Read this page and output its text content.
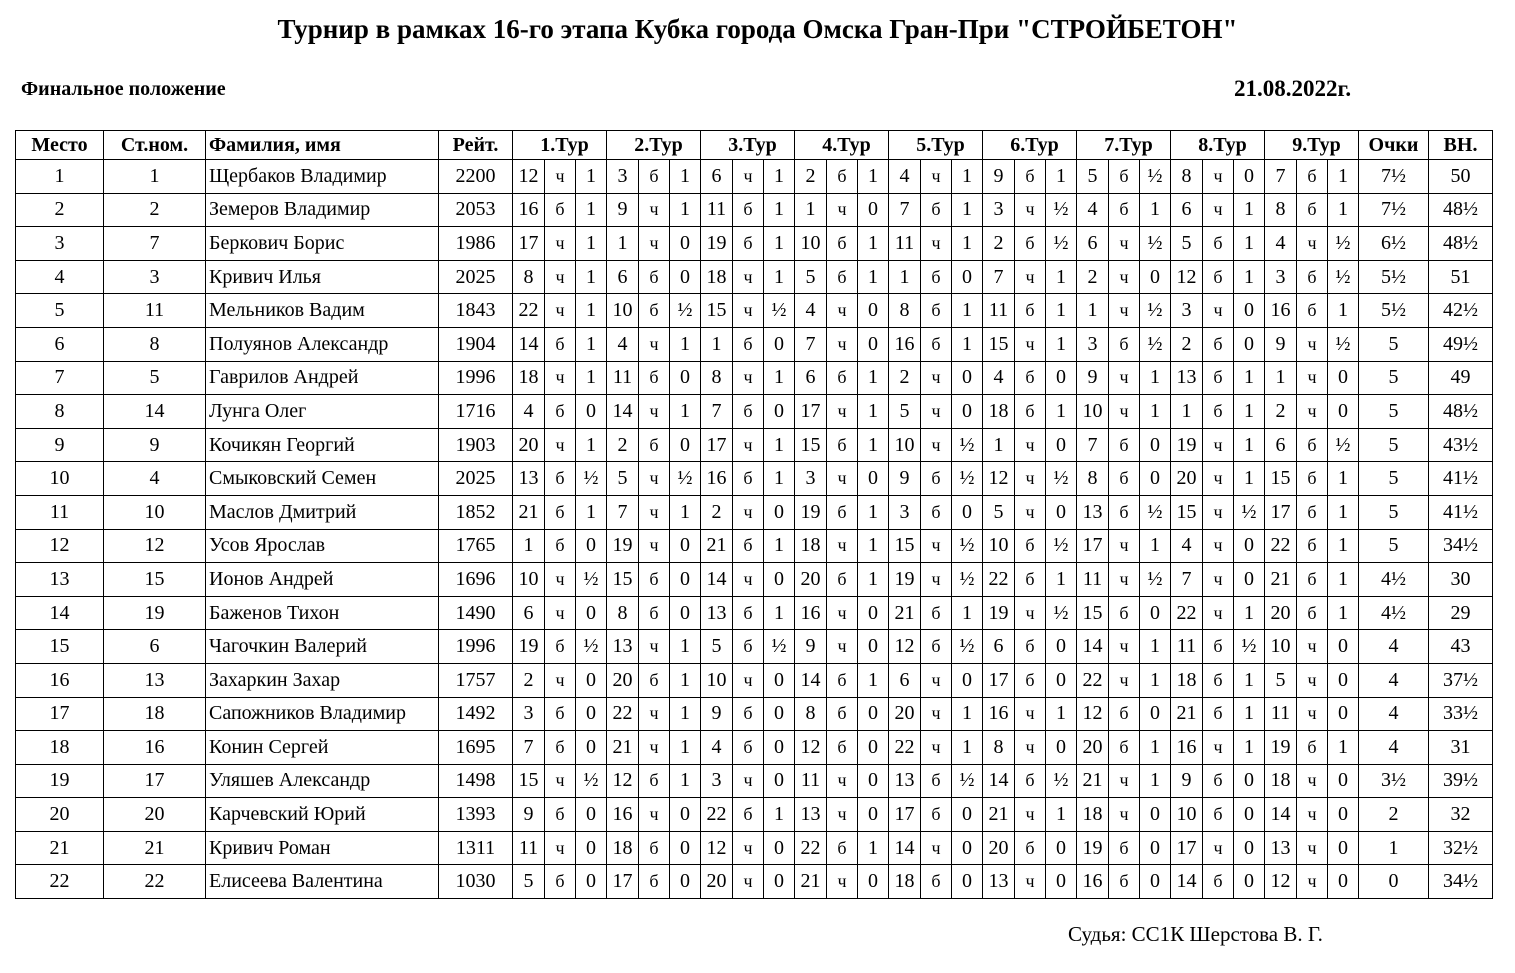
Турнир в рамках 16-го этапа Кубка города Омска Гран-При "СТРОЙБЕТОН"
Финальное положение	21.08.2022г.
Место	Ст.ном.	Фамилия, имя	Рейт.	1.Тур			2.Тур			3.Тур			4.Тур			5.Тур			6.Тур			7.Тур			8.Тур			9.Тур			Очки	ВН.
1	1	Щербаков Владимир	2200	12	ч	1	3	б	1	6	ч	1	2	б	1	4	ч	1	9	б	1	5	б	½	8	ч	0	7	б	1	7½	50
2	2	Земеров Владимир	2053	16	б	1	9	ч	1	11	б	1	1	ч	0	7	б	1	3	ч	½	4	б	1	6	ч	1	8	б	1	7½	48½
3	7	Беркович Борис	1986	17	ч	1	1	ч	0	19	б	1	10	б	1	11	ч	1	2	б	½	6	ч	½	5	б	1	4	ч	½	6½	48½
4	3	Кривич Илья	2025	8	ч	1	6	б	0	18	ч	1	5	б	1	1	б	0	7	ч	1	2	ч	0	12	б	1	3	б	½	5½	51
5	11	Мельников Вадим	1843	22	ч	1	10	б	½	15	ч	½	4	ч	0	8	б	1	11	б	1	1	ч	½	3	ч	0	16	б	1	5½	42½
6	8	Полуянов Александр	1904	14	б	1	4	ч	1	1	б	0	7	ч	0	16	б	1	15	ч	1	3	б	½	2	б	0	9	ч	½	5	49½
7	5	Гаврилов Андрей	1996	18	ч	1	11	б	0	8	ч	1	6	б	1	2	ч	0	4	б	0	9	ч	1	13	б	1	1	ч	0	5	49
8	14	Лунга Олег	1716	4	б	0	14	ч	1	7	б	0	17	ч	1	5	ч	0	18	б	1	10	ч	1	1	б	1	2	ч	0	5	48½
9	9	Кочикян Георгий	1903	20	ч	1	2	б	0	17	ч	1	15	б	1	10	ч	½	1	ч	0	7	б	0	19	ч	1	6	б	½	5	43½
10	4	Смыковский Семен	2025	13	б	½	5	ч	½	16	б	1	3	ч	0	9	б	½	12	ч	½	8	б	0	20	ч	1	15	б	1	5	41½
11	10	Маслов Дмитрий	1852	21	б	1	7	ч	1	2	ч	0	19	б	1	3	б	0	5	ч	0	13	б	½	15	ч	½	17	б	1	5	41½
12	12	Усов Ярослав	1765	1	б	0	19	ч	0	21	б	1	18	ч	1	15	ч	½	10	б	½	17	ч	1	4	ч	0	22	б	1	5	34½
13	15	Ионов Андрей	1696	10	ч	½	15	б	0	14	ч	0	20	б	1	19	ч	½	22	б	1	11	ч	½	7	ч	0	21	б	1	4½	30
14	19	Баженов Тихон	1490	6	ч	0	8	б	0	13	б	1	16	ч	0	21	б	1	19	ч	½	15	б	0	22	ч	1	20	б	1	4½	29
15	6	Чагочкин Валерий	1996	19	б	½	13	ч	1	5	б	½	9	ч	0	12	б	½	6	б	0	14	ч	1	11	б	½	10	ч	0	4	43
16	13	Захаркин Захар	1757	2	ч	0	20	б	1	10	ч	0	14	б	1	6	ч	0	17	б	0	22	ч	1	18	б	1	5	ч	0	4	37½
17	18	Сапожников Владимир	1492	3	б	0	22	ч	1	9	б	0	8	б	0	20	ч	1	16	ч	1	12	б	0	21	б	1	11	ч	0	4	33½
18	16	Конин Сергей	1695	7	б	0	21	ч	1	4	б	0	12	б	0	22	ч	1	8	ч	0	20	б	1	16	ч	1	19	б	1	4	31
19	17	Уляшев Александр	1498	15	ч	½	12	б	1	3	ч	0	11	ч	0	13	б	½	14	б	½	21	ч	1	9	б	0	18	ч	0	3½	39½
20	20	Карчевский Юрий	1393	9	б	0	16	ч	0	22	б	1	13	ч	0	17	б	0	21	ч	1	18	ч	0	10	б	0	14	ч	0	2	32
21	21	Кривич Роман	1311	11	ч	0	18	б	0	12	ч	0	22	б	1	14	ч	0	20	б	0	19	б	0	17	ч	0	13	ч	0	1	32½
22	22	Елисеева Валентина	1030	5	б	0	17	б	0	20	ч	0	21	ч	0	18	б	0	13	ч	0	16	б	0	14	б	0	12	ч	0	0	34½
Судья: СС1К Шерстова В. Г.
